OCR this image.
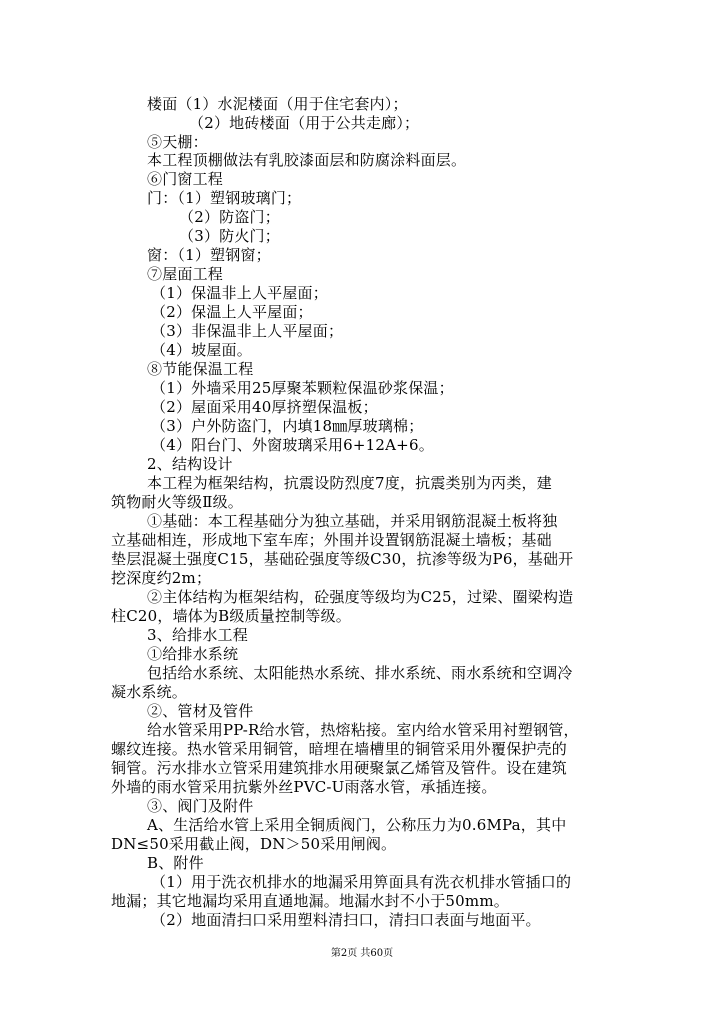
楼面（1）水泥楼面（用于住宅套内）；
（2）地砖楼面（用于公共走廊）；
⑤天棚：
本工程顶棚做法有乳胶漆面层和防腐涂料面层。
⑥门窗工程
门：（1）塑钢玻璃门；
（2）防盗门；
（3）防火门；
窗：（1）塑钢窗；
⑦屋面工程
（1）保温非上人平屋面；
（2）保温上人平屋面；
（3）非保温非上人平屋面；
（4）坡屋面。
⑧节能保温工程
（1）外墙采用25厚聚苯颗粒保温砂浆保温；
（2）屋面采用40厚挤塑保温板；
（3）户外防盗门，内填18㎜厚玻璃棉；
（4）阳台门、外窗玻璃采用6+12A+6。
2、结构设计
本工程为框架结构，抗震设防烈度7度，抗震类别为丙类，建
筑物耐火等级Ⅱ级。
①基础：本工程基础分为独立基础，并采用钢筋混凝土板将独
立基础相连，形成地下室车库；外围并设置钢筋混凝土墙板；基础
垫层混凝土强度C15，基础砼强度等级C30，抗渗等级为P6，基础开
挖深度约2m；
②主体结构为框架结构，砼强度等级均为C25，过梁、圈梁构造
柱C20，墙体为B级质量控制等级。
3、给排水工程
①给排水系统
包括给水系统、太阳能热水系统、排水系统、雨水系统和空调冷
凝水系统。
②、管材及管件
给水管采用PP-R给水管，热熔粘接。室内给水管采用衬塑钢管，
螺纹连接。热水管采用铜管，暗埋在墙槽里的铜管采用外覆保护壳的
铜管。污水排水立管采用建筑排水用硬聚氯乙烯管及管件。设在建筑
外墙的雨水管采用抗紫外丝PVC-U雨落水管，承插连接。
③、阀门及附件
A、生活给水管上采用全铜质阀门，公称压力为0.6MPa，其中
DN≤50采用截止阀，DN＞50采用闸阀。
B、附件
（1）用于洗衣机排水的地漏采用箅面具有洗衣机排水管插口的
地漏；其它地漏均采用直通地漏。地漏水封不小于50mm。
（2）地面清扫口采用塑料清扫口，清扫口表面与地面平。
第2页 共60页
